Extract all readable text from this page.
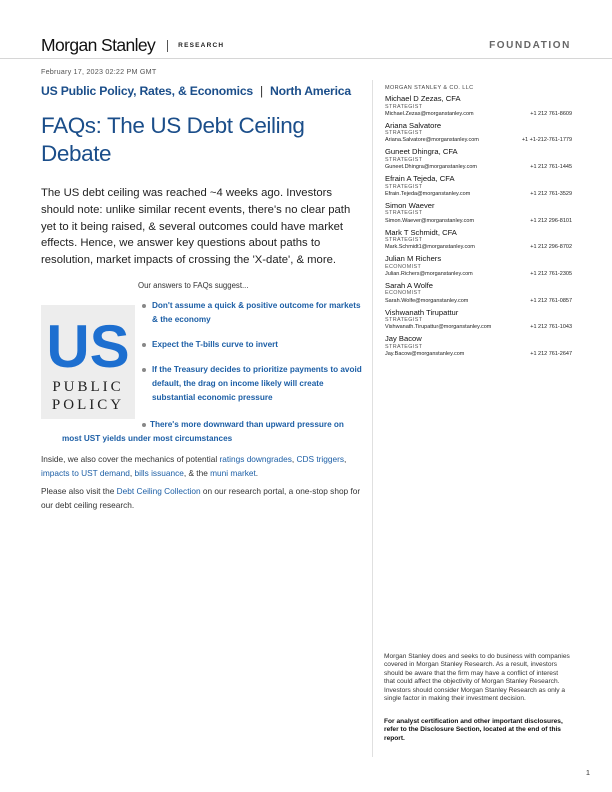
Morgan Stanley	RESEARCH	FOUNDATION
February 17, 2023 02:22 PM GMT
US Public Policy, Rates, & Economics | North America
FAQs: The US Debt Ceiling
Debate

The US debt ceiling was reached ~4 weeks ago. Investors should note: unlike similar recent events, there's no clear path yet to it being raised, & several outcomes could have market effects. Hence, we answer key questions about paths to resolution, market impacts of crossing the 'X-date', & more.

Our answers to FAQs suggest...
US
PUBLIC
POLICY
Don't assume a quick & positive outcome for markets & the economy
Expect the T-bills curve to invert
If the Treasury decides to prioritize payments to avoid default, the drag on income likely will create substantial economic pressure
There's more downward than upward pressure on
most UST yields under most circumstances

Inside, we also cover the mechanics of potential ratings downgrades, CDS triggers, impacts to UST demand, bills issuance, & the muni market.

Please also visit the Debt Ceiling Collection on our research portal, a one-stop shop for our debt ceiling research.

MORGAN STANLEY & CO. LLC
Michael D Zezas, CFA
STRATEGIST
Michael.Zezas@morganstanley.com	+1 212 761-8609
Ariana Salvatore
STRATEGIST
Ariana.Salvatore@morganstanley.com	+1 +1-212-761-1779
Guneet Dhingra, CFA
STRATEGIST
Guneet.Dhingra@morganstanley.com	+1 212 761-1445
Efrain A Tejeda, CFA
STRATEGIST
Efrain.Tejeda@morganstanley.com	+1 212 761-3529
Simon Waever
STRATEGIST
Simon.Waever@morganstanley.com	+1 212 296-8101
Mark T Schmidt, CFA
STRATEGIST
Mark.Schmidt1@morganstanley.com	+1 212 296-8702
Julian M Richers
ECONOMIST
Julian.Richers@morganstanley.com	+1 212 761-2305
Sarah A Wolfe
ECONOMIST
Sarah.Wolfe@morganstanley.com	+1 212 761-0857
Vishwanath Tirupattur
STRATEGIST
Vishwanath.Tirupattur@morganstanley.com	+1 212 761-1043
Jay Bacow
STRATEGIST
Jay.Bacow@morganstanley.com	+1 212 761-2647

Morgan Stanley does and seeks to do business with companies covered in Morgan Stanley Research. As a result, investors should be aware that the firm may have a conflict of interest that could affect the objectivity of Morgan Stanley Research. Investors should consider Morgan Stanley Research as only a single factor in making their investment decision.

For analyst certification and other important disclosures, refer to the Disclosure Section, located at the end of this report.

1
